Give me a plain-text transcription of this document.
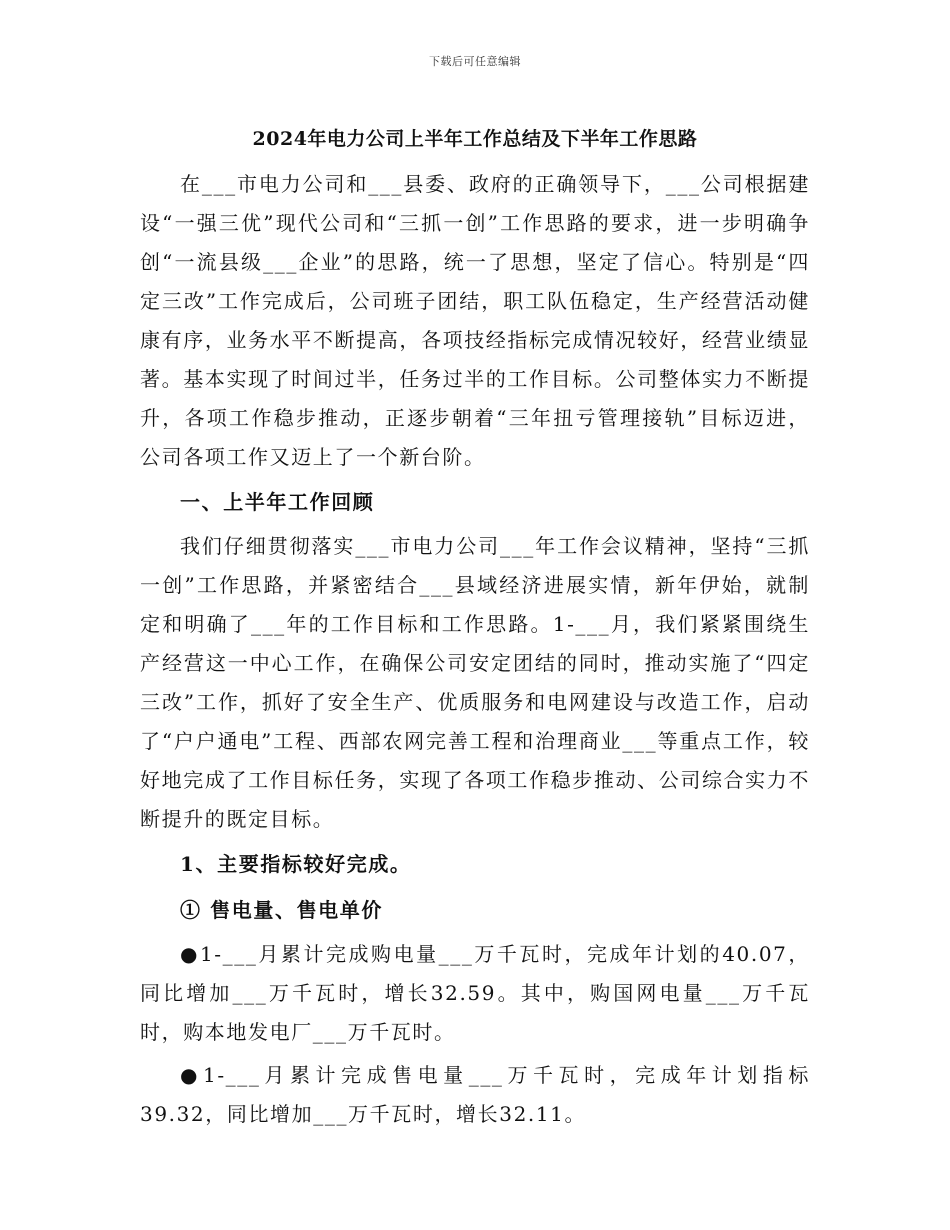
下载后可任意编辑
2024年电力公司上半年工作总结及下半年工作思路

在___市电力公司和___县委、政府的正确领导下，___公司根据建设“一强三优”现代公司和“三抓一创”工作思路的要求，进一步明确争创“一流县级___企业”的思路，统一了思想，坚定了信心。特别是“四定三改”工作完成后，公司班子团结，职工队伍稳定，生产经营活动健康有序，业务水平不断提高，各项技经指标完成情况较好，经营业绩显著。基本实现了时间过半，任务过半的工作目标。公司整体实力不断提升，各项工作稳步推动，正逐步朝着“三年扭亏管理接轨”目标迈进，公司各项工作又迈上了一个新台阶。

一、上半年工作回顾

我们仔细贯彻落实___市电力公司___年工作会议精神，坚持“三抓一创”工作思路，并紧密结合___县域经济进展实情，新年伊始，就制定和明确了___年的工作目标和工作思路。1-___月，我们紧紧围绕生产经营这一中心工作，在确保公司安定团结的同时，推动实施了“四定三改”工作，抓好了安全生产、优质服务和电网建设与改造工作，启动了“户户通电”工程、西部农网完善工程和治理商业___等重点工作，较好地完成了工作目标任务，实现了各项工作稳步推动、公司综合实力不断提升的既定目标。

1、主要指标较好完成。

① 售电量、售电单价

●1-___月累计完成购电量___万千瓦时，完成年计划的40.07，同比增加___万千瓦时，增长32.59。其中，购国网电量___万千瓦时，购本地发电厂___万千瓦时。

●1-___月累计完成售电量___万千瓦时，完成年计划指标39.32，同比增加___万千瓦时，增长32.11。
